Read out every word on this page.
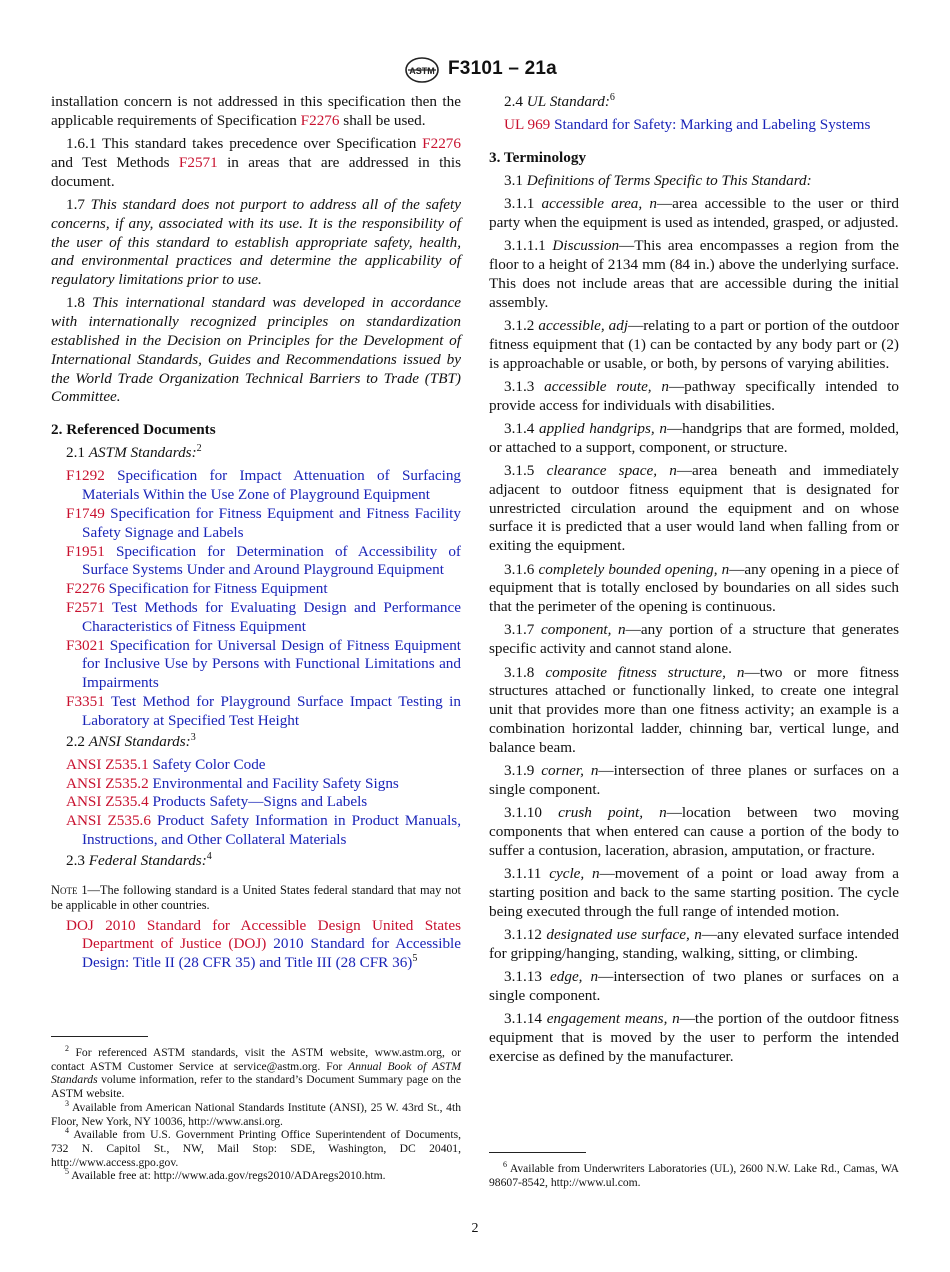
ASTM F3101 – 21a

installation concern is not addressed in this specification then the applicable requirements of Specification F2276 shall be used.

1.6.1 This standard takes precedence over Specification F2276 and Test Methods F2571 in areas that are addressed in this document.

1.7 This standard does not purport to address all of the safety concerns, if any, associated with its use. It is the responsibility of the user of this standard to establish appropriate safety, health, and environmental practices and determine the applicability of regulatory limitations prior to use.

1.8 This international standard was developed in accordance with internationally recognized principles on standardization established in the Decision on Principles for the Development of International Standards, Guides and Recommendations issued by the World Trade Organization Technical Barriers to Trade (TBT) Committee.

2. Referenced Documents

2.1 ASTM Standards:$^2$

F1292 Specification for Impact Attenuation of Surfacing Materials Within the Use Zone of Playground Equipment

F1749 Specification for Fitness Equipment and Fitness Facility Safety Signage and Labels

F1951 Specification for Determination of Accessibility of Surface Systems Under and Around Playground Equipment

F2276 Specification for Fitness Equipment

F2571 Test Methods for Evaluating Design and Performance Characteristics of Fitness Equipment

F3021 Specification for Universal Design of Fitness Equipment for Inclusive Use by Persons with Functional Limitations and Impairments

F3351 Test Method for Playground Surface Impact Testing in Laboratory at Specified Test Height

2.2 ANSI Standards:$^3$

ANSI Z535.1 Safety Color Code

ANSI Z535.2 Environmental and Facility Safety Signs

ANSI Z535.4 Products Safety—Signs and Labels

ANSI Z535.6 Product Safety Information in Product Manuals, Instructions, and Other Collateral Materials

2.3 Federal Standards:$^4$

Note 1—The following standard is a United States federal standard that may not be applicable in other countries.

DOJ 2010 Standard for Accessible Design United States Department of Justice (DOJ) 2010 Standard for Accessible Design: Title II (28 CFR 35) and Title III (28 CFR 36)$^5$

$^2$ For referenced ASTM standards, visit the ASTM website, www.astm.org, or contact ASTM Customer Service at service@astm.org. For Annual Book of ASTM Standards volume information, refer to the standard’s Document Summary page on the ASTM website.

$^3$ Available from American National Standards Institute (ANSI), 25 W. 43rd St., 4th Floor, New York, NY 10036, http://www.ansi.org.

$^4$ Available from U.S. Government Printing Office Superintendent of Documents, 732 N. Capitol St., NW, Mail Stop: SDE, Washington, DC 20401, http://www.access.gpo.gov.

$^5$ Available free at: http://www.ada.gov/regs2010/ADAregs2010.htm.

2.4 UL Standard:$^6$

UL 969 Standard for Safety: Marking and Labeling Systems

3. Terminology

3.1 Definitions of Terms Specific to This Standard:

3.1.1 accessible area, n—area accessible to the user or third party when the equipment is used as intended, grasped, or adjusted.

3.1.1.1 Discussion—This area encompasses a region from the floor to a height of 2134 mm (84 in.) above the underlying surface. This does not include areas that are accessible during the initial assembly.

3.1.2 accessible, adj—relating to a part or portion of the outdoor fitness equipment that (1) can be contacted by any body part or (2) is approachable or usable, or both, by persons of varying abilities.

3.1.3 accessible route, n—pathway specifically intended to provide access for individuals with disabilities.

3.1.4 applied handgrips, n—handgrips that are formed, molded, or attached to a support, component, or structure.

3.1.5 clearance space, n—area beneath and immediately adjacent to outdoor fitness equipment that is designated for unrestricted circulation around the equipment and on whose surface it is predicted that a user would land when falling from or exiting the equipment.

3.1.6 completely bounded opening, n—any opening in a piece of equipment that is totally enclosed by boundaries on all sides such that the perimeter of the opening is continuous.

3.1.7 component, n—any portion of a structure that generates specific activity and cannot stand alone.

3.1.8 composite fitness structure, n—two or more fitness structures attached or functionally linked, to create one integral unit that provides more than one fitness activity; an example is a combination horizontal ladder, chinning bar, vertical lunge, and balance beam.

3.1.9 corner, n—intersection of three planes or surfaces on a single component.

3.1.10 crush point, n—location between two moving components that when entered can cause a portion of the body to suffer a contusion, laceration, abrasion, amputation, or fracture.

3.1.11 cycle, n—movement of a point or load away from a starting position and back to the same starting position. The cycle being executed through the full range of intended motion.

3.1.12 designated use surface, n—any elevated surface intended for gripping/hanging, standing, walking, sitting, or climbing.

3.1.13 edge, n—intersection of two planes or surfaces on a single component.

3.1.14 engagement means, n—the portion of the outdoor fitness equipment that is moved by the user to perform the intended exercise as defined by the manufacturer.

$^6$ Available from Underwriters Laboratories (UL), 2600 N.W. Lake Rd., Camas, WA 98607-8542, http://www.ul.com.

2
